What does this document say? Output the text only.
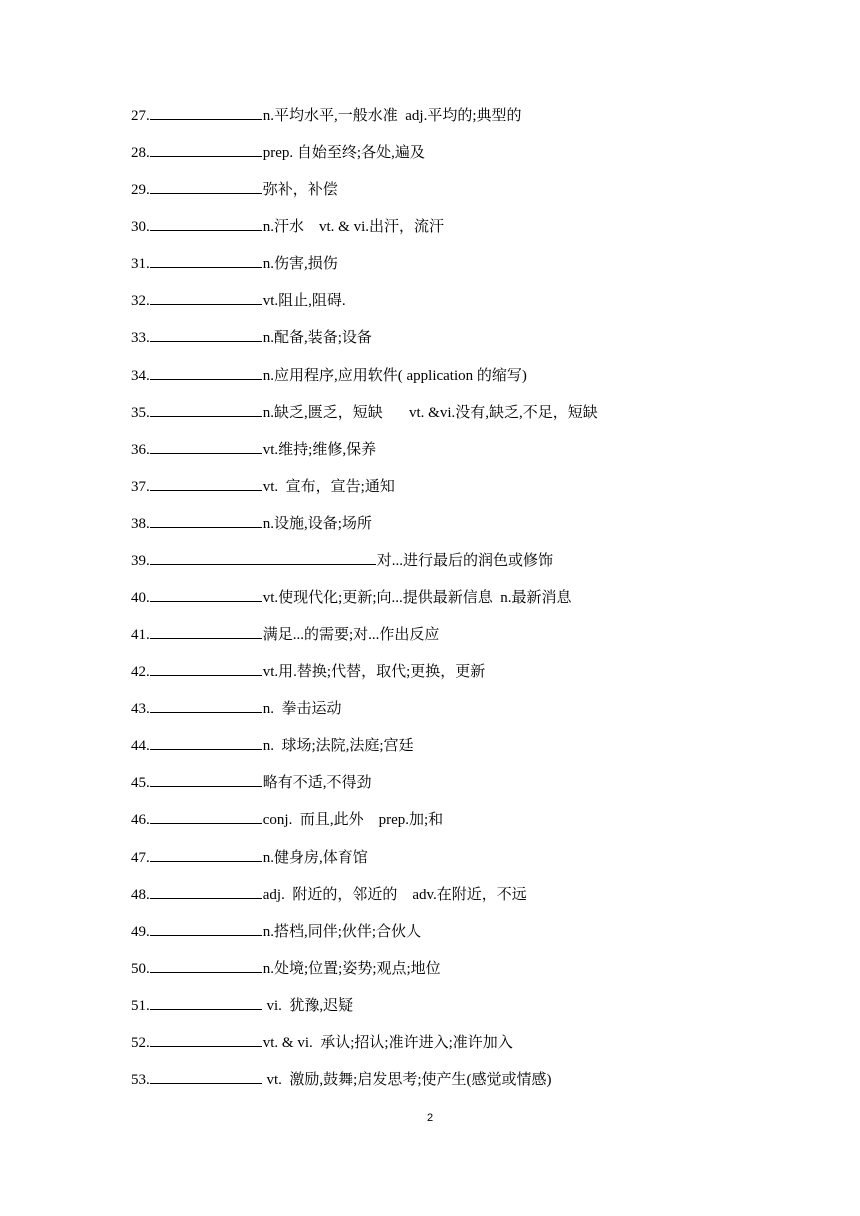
27.	n.平均水平,一般水准  adj.平均的;典型的
28.	prep. 自始至终;各处,遍及
29.	弥补，补偿
30.	n.汗水    vt. & vi.出汗，流汗
31.	n.伤害,损伤
32.	vt.阻止,阻碍.
33.	n.配备,装备;设备
34.	n.应用程序,应用软件( application 的缩写)
35.	n.缺乏,匮乏，短缺       vt. &vi.没有,缺乏,不足，短缺
36.	vt.维持;维修,保养
37.	vt.  宣布，宣告;通知
38.	n.设施,设备;场所
39.	对...进行最后的润色或修饰
40.	vt.使现代化;更新;向...提供最新信息  n.最新消息
41.	满足...的需要;对...作出反应
42.	vt.用.替换;代替，取代;更换，更新
43.	n.  拳击运动
44.	n.  球场;法院,法庭;宫廷
45.	略有不适,不得劲
46.	conj.  而且,此外    prep.加;和
47.	n.健身房,体育馆
48.	adj.  附近的，邻近的    adv.在附近，不远
49.	n.搭档,同伴;伙伴;合伙人
50.	n.处境;位置;姿势;观点;地位
51.	vi.  犹豫,迟疑
52.	vt. & vi.  承认;招认;准许进入;准许加入
53.	vt.  激励,鼓舞;启发思考;使产生(感觉或情感)
2
